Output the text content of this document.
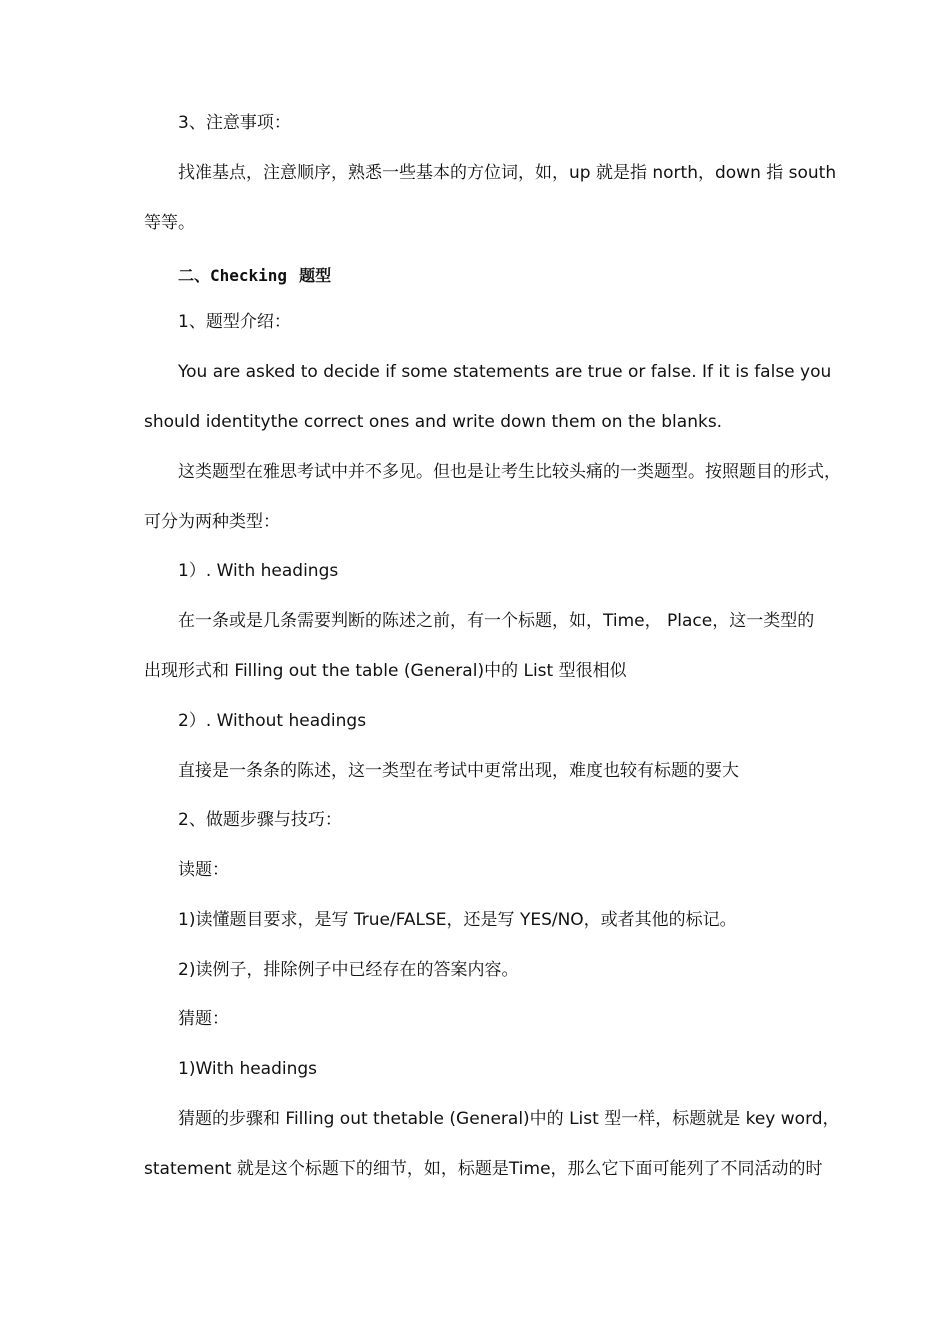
3、注意事项：
找准基点，注意顺序，熟悉一些基本的方位词，如，up 就是指 north，down 指 south
等等。
二、Checking 题型
1、题型介绍：
You are asked to decide if some statements are true or false. If it is false you
should identitythe correct ones and write down them on the blanks.
这类题型在雅思考试中并不多见。但也是让考生比较头痛的一类题型。按照题目的形式，
可分为两种类型：
1）. With headings
在一条或是几条需要判断的陈述之前，有一个标题，如，Time， Place，这一类型的
出现形式和 Filling out the table (General)中的 List 型很相似
2）. Without headings
直接是一条条的陈述，这一类型在考试中更常出现，难度也较有标题的要大
2、做题步骤与技巧：
读题：
1)读懂题目要求，是写 True/FALSE，还是写 YES/NO，或者其他的标记。
2)读例子，排除例子中已经存在的答案内容。
猜题：
1)With headings
猜题的步骤和 Filling out thetable (General)中的 List 型一样，标题就是 key word，
statement 就是这个标题下的细节，如，标题是Time，那么它下面可能列了不同活动的时
